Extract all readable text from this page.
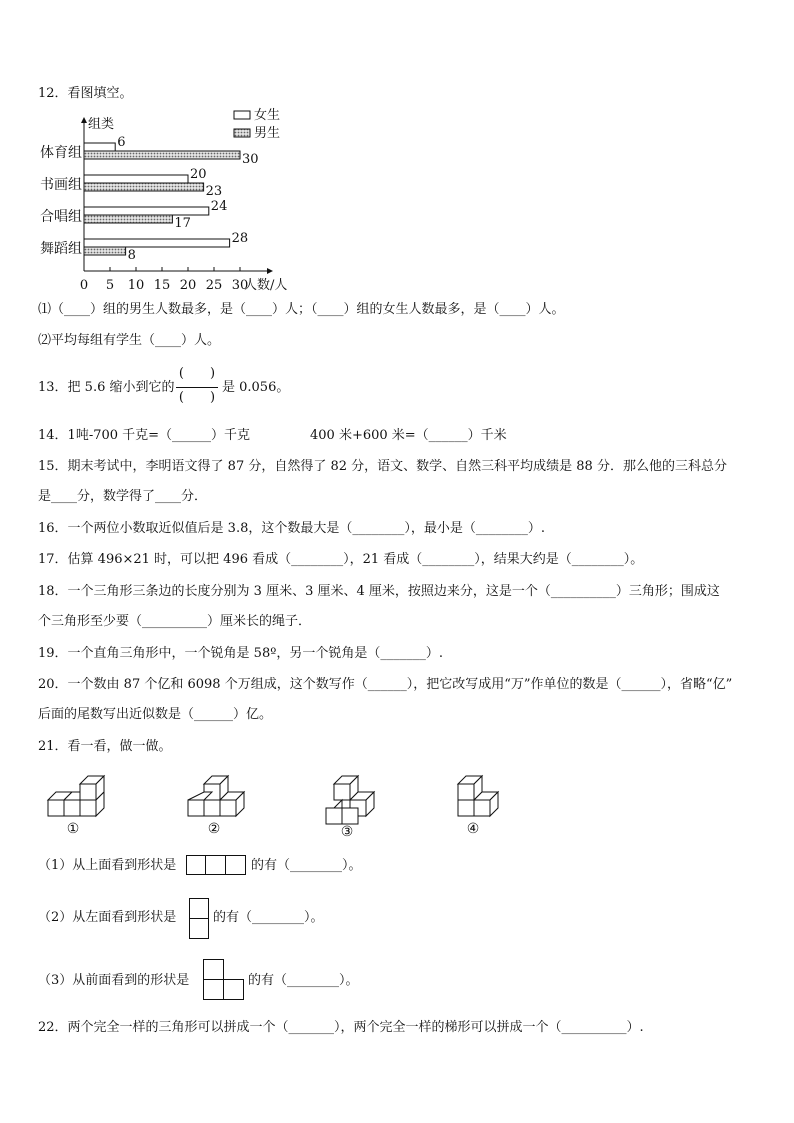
12．看图填空。
组类
0 5 10 15 20 25 30
人数/人
女生
男生
体育组
6
30
书画组
20
23
合唱组
24
17
舞蹈组
28
8
⑴（____）组的男生人数最多，是（____）人；（____）组的女生人数最多，是（____）人。
⑵平均每组有学生（____）人。
13．把 5.6 缩小到它的
(　　)
(　　)
是 0.056。
14．1吨-700 千克=（______）千克	400 米+600 米=（______）千米
15．期末考试中，李明语文得了 87 分，自然得了 82 分，语文、数学、自然三科平均成绩是 88 分．那么他的三科总分
是____分，数学得了____分．
16．一个两位小数取近似值后是 3.8，这个数最大是（________），最小是（________）.
17．估算 496×21 时，可以把 496 看成（________），21 看成（________），结果大约是（________）。
18．一个三角形三条边的长度分别为 3 厘米、3 厘米、4 厘米，按照边来分，这是一个（__________）三角形；围成这
个三角形至少要（__________）厘米长的绳子．
19．一个直角三角形中，一个锐角是 58º，另一个锐角是（_______）.
20．一个数由 87 个亿和 6098 个万组成，这个数写作（______），把它改写成用“万”作单位的数是（______），省略“亿”
后面的尾数写出近似数是（______）亿。
21．看一看，做一做。
①	②	③	④
（1）从上面看到形状是	的有（________）。
（2）从左面看到形状是	的有（________）。
（3）从前面看到的形状是	的有（________）。
22．两个完全一样的三角形可以拼成一个（_______），两个完全一样的梯形可以拼成一个（__________）.
